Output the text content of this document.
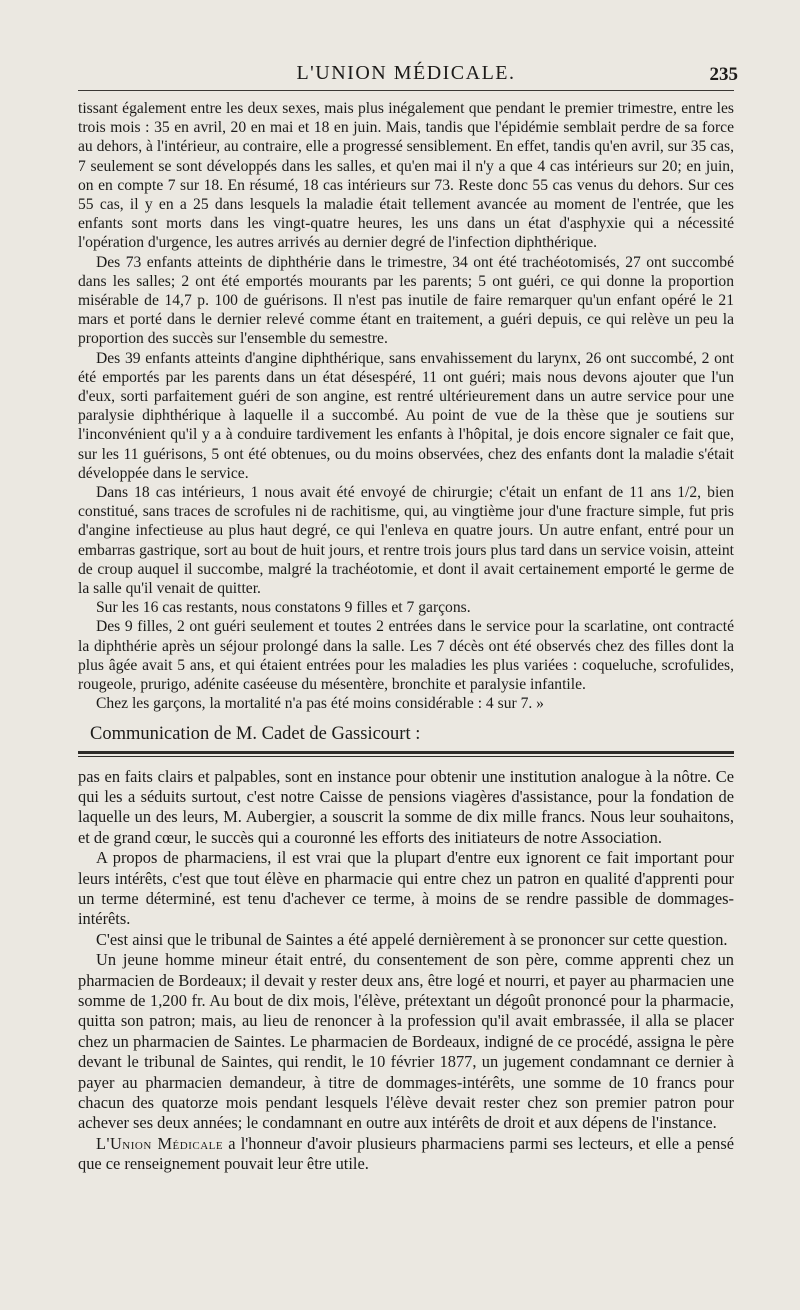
L'UNION MÉDICALE.	235

tissant également entre les deux sexes, mais plus inégalement que pendant le premier trimestre, entre les trois mois : 35 en avril, 20 en mai et 18 en juin. Mais, tandis que l'épidémie semblait perdre de sa force au dehors, à l'intérieur, au contraire, elle a progressé sensiblement. En effet, tandis qu'en avril, sur 35 cas, 7 seulement se sont développés dans les salles, et qu'en mai il n'y a que 4 cas intérieurs sur 20; en juin, on en compte 7 sur 18. En résumé, 18 cas intérieurs sur 73. Reste donc 55 cas venus du dehors. Sur ces 55 cas, il y en a 25 dans lesquels la maladie était tellement avancée au moment de l'entrée, que les enfants sont morts dans les vingt-quatre heures, les uns dans un état d'asphyxie qui a nécessité l'opération d'urgence, les autres arrivés au dernier degré de l'infection diphthérique.

Des 73 enfants atteints de diphthérie dans le trimestre, 34 ont été trachéotomisés, 27 ont succombé dans les salles; 2 ont été emportés mourants par les parents; 5 ont guéri, ce qui donne la proportion misérable de 14,7 p. 100 de guérisons. Il n'est pas inutile de faire remarquer qu'un enfant opéré le 21 mars et porté dans le dernier relevé comme étant en traitement, a guéri depuis, ce qui relève un peu la proportion des succès sur l'ensemble du semestre.

Des 39 enfants atteints d'angine diphthérique, sans envahissement du larynx, 26 ont succombé, 2 ont été emportés par les parents dans un état désespéré, 11 ont guéri; mais nous devons ajouter que l'un d'eux, sorti parfaitement guéri de son angine, est rentré ultérieurement dans un autre service pour une paralysie diphthérique à laquelle il a succombé. Au point de vue de la thèse que je soutiens sur l'inconvénient qu'il y a à conduire tardivement les enfants à l'hôpital, je dois encore signaler ce fait que, sur les 11 guérisons, 5 ont été obtenues, ou du moins observées, chez des enfants dont la maladie s'était développée dans le service.

Dans 18 cas intérieurs, 1 nous avait été envoyé de chirurgie; c'était un enfant de 11 ans 1/2, bien constitué, sans traces de scrofules ni de rachitisme, qui, au vingtième jour d'une fracture simple, fut pris d'angine infectieuse au plus haut degré, ce qui l'enleva en quatre jours. Un autre enfant, entré pour un embarras gastrique, sort au bout de huit jours, et rentre trois jours plus tard dans un service voisin, atteint de croup auquel il succombe, malgré la trachéotomie, et dont il avait certainement emporté le germe de la salle qu'il venait de quitter.

Sur les 16 cas restants, nous constatons 9 filles et 7 garçons.

Des 9 filles, 2 ont guéri seulement et toutes 2 entrées dans le service pour la scarlatine, ont contracté la diphthérie après un séjour prolongé dans la salle. Les 7 décès ont été observés chez des filles dont la plus âgée avait 5 ans, et qui étaient entrées pour les maladies les plus variées : coqueluche, scrofulides, rougeole, prurigo, adénite caséeuse du mésentère, bronchite et paralysie infantile.

Chez les garçons, la mortalité n'a pas été moins considérable : 4 sur 7. »

Communication de M. Cadet de Gassicourt :

pas en faits clairs et palpables, sont en instance pour obtenir une institution analogue à la nôtre. Ce qui les a séduits surtout, c'est notre Caisse de pensions viagères d'assistance, pour la fondation de laquelle un des leurs, M. Aubergier, a souscrit la somme de dix mille francs. Nous leur souhaitons, et de grand cœur, le succès qui a couronné les efforts des initiateurs de notre Association.

A propos de pharmaciens, il est vrai que la plupart d'entre eux ignorent ce fait important pour leurs intérêts, c'est que tout élève en pharmacie qui entre chez un patron en qualité d'apprenti pour un terme déterminé, est tenu d'achever ce terme, à moins de se rendre passible de dommages-intérêts.

C'est ainsi que le tribunal de Saintes a été appelé dernièrement à se prononcer sur cette question.

Un jeune homme mineur était entré, du consentement de son père, comme apprenti chez un pharmacien de Bordeaux; il devait y rester deux ans, être logé et nourri, et payer au pharmacien une somme de 1,200 fr. Au bout de dix mois, l'élève, prétextant un dégoût prononcé pour la pharmacie, quitta son patron; mais, au lieu de renoncer à la profession qu'il avait embrassée, il alla se placer chez un pharmacien de Saintes. Le pharmacien de Bordeaux, indigné de ce procédé, assigna le père devant le tribunal de Saintes, qui rendit, le 10 février 1877, un jugement condamnant ce dernier à payer au pharmacien demandeur, à titre de dommages-intérêts, une somme de 10 francs pour chacun des quatorze mois pendant lesquels l'élève devait rester chez son premier patron pour achever ses deux années; le condamnant en outre aux intérêts de droit et aux dépens de l'instance.

L'Union Médicale a l'honneur d'avoir plusieurs pharmaciens parmi ses lecteurs, et elle a pensé que ce renseignement pouvait leur être utile.
